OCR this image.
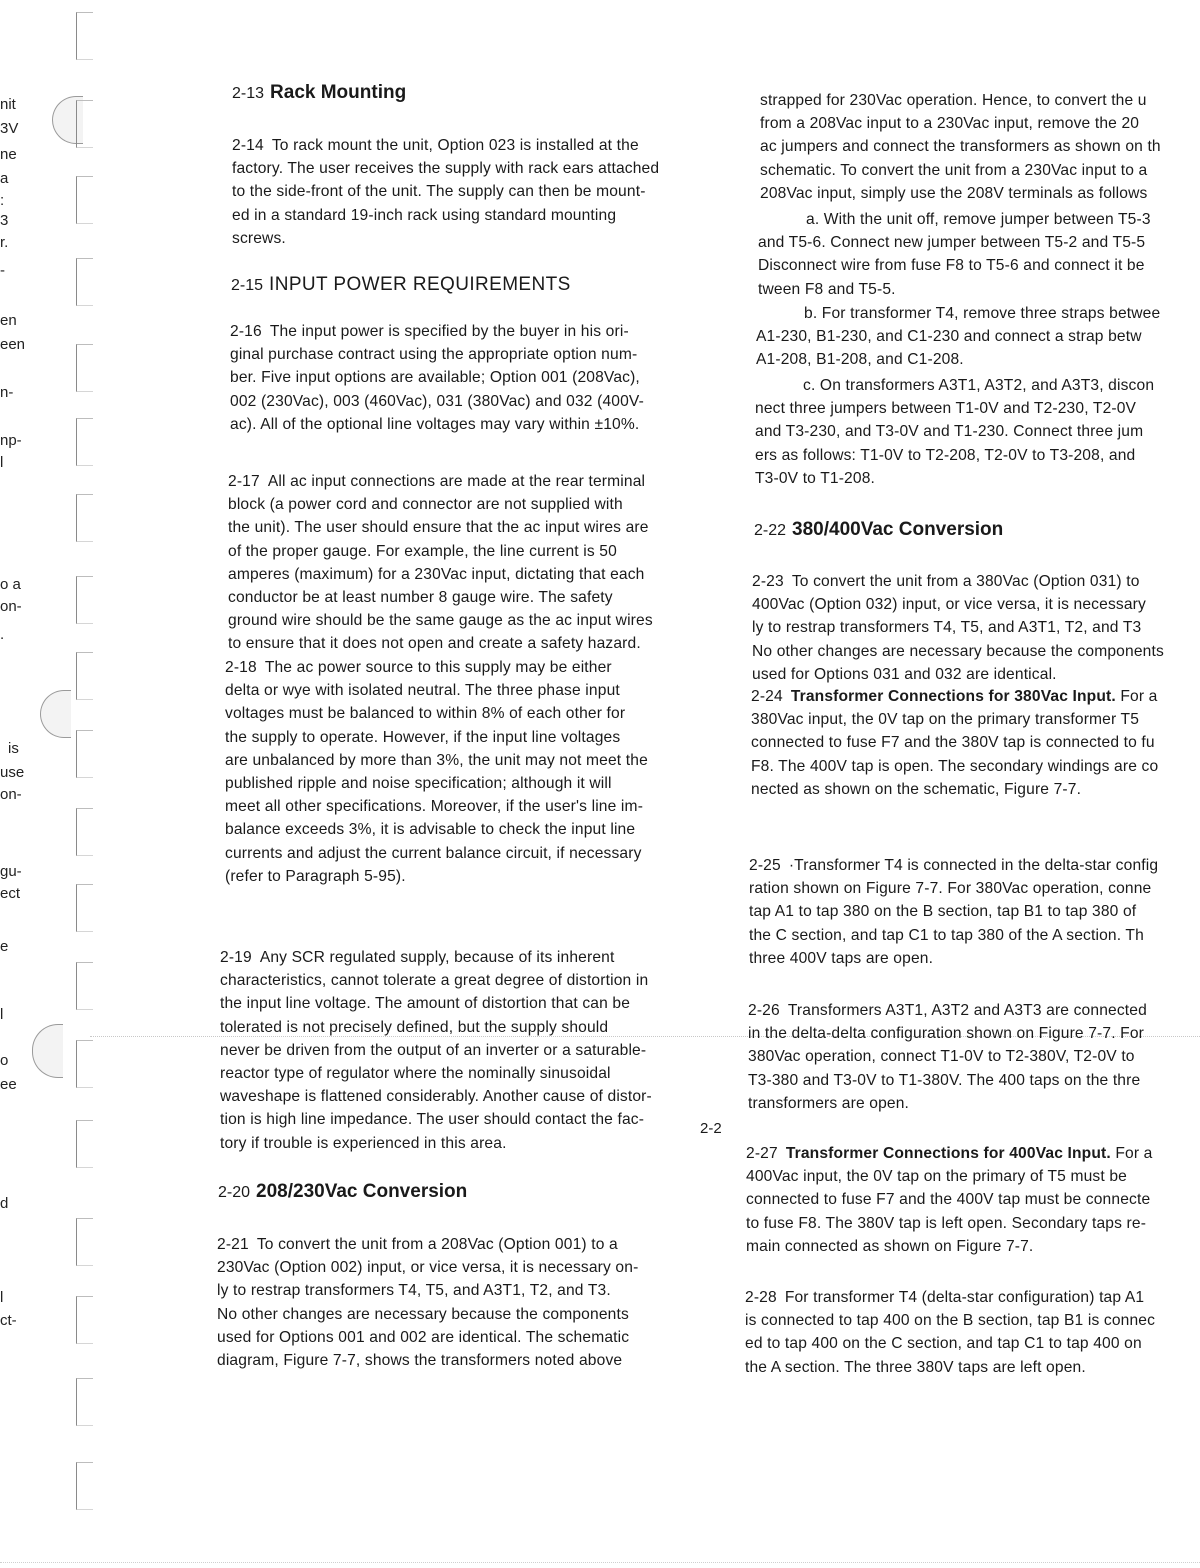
nit
3V
ne
a
:
3
r.
-
en
een
n-
np-
l
o a
on-
.
is
use
on-
gu-
ect
e
l
o
ee
d
l
ct-
2-13 Rack Mounting
2-14 To rack mount the unit, Option 023 is installed at the
factory. The user receives the supply with rack ears attached
to the side-front of the unit. The supply can then be mount-
ed in a standard 19-inch rack using standard mounting
screws.
2-15 INPUT POWER REQUIREMENTS
2-16 The input power is specified by the buyer in his ori-
ginal purchase contract using the appropriate option num-
ber. Five input options are available; Option 001 (208Vac),
002 (230Vac), 003 (460Vac), 031 (380Vac) and 032 (400V-
ac). All of the optional line voltages may vary within ±10%.
2-17 All ac input connections are made at the rear terminal
block (a power cord and connector are not supplied with
the unit). The user should ensure that the ac input wires are
of the proper gauge. For example, the line current is 50
amperes (maximum) for a 230Vac input, dictating that each
conductor be at least number 8 gauge wire. The safety
ground wire should be the same gauge as the ac input wires
to ensure that it does not open and create a safety hazard.
2-18 The ac power source to this supply may be either
delta or wye with isolated neutral. The three phase input
voltages must be balanced to within 8% of each other for
the supply to operate. However, if the input line voltages
are unbalanced by more than 3%, the unit may not meet the
published ripple and noise specification; although it will
meet all other specifications. Moreover, if the user's line im-
balance exceeds 3%, it is advisable to check the input line
currents and adjust the current balance circuit, if necessary
(refer to Paragraph 5-95).
2-19 Any SCR regulated supply, because of its inherent
characteristics, cannot tolerate a great degree of distortion in
the input line voltage. The amount of distortion that can be
tolerated is not precisely defined, but the supply should
never be driven from the output of an inverter or a saturable-
reactor type of regulator where the nominally sinusoidal
waveshape is flattened considerably. Another cause of distor-
tion is high line impedance. The user should contact the fac-
tory if trouble is experienced in this area.
2-20 208/230Vac Conversion
2-21 To convert the unit from a 208Vac (Option 001) to a
230Vac (Option 002) input, or vice versa, it is necessary on-
ly to restrap transformers T4, T5, and A3T1, T2, and T3.
No other changes are necessary because the components
used for Options 001 and 002 are identical. The schematic
diagram, Figure 7-7, shows the transformers noted above
strapped for 230Vac operation. Hence, to convert the u
from a 208Vac input to a 230Vac input, remove the 20
ac jumpers and connect the transformers as shown on th
schematic. To convert the unit from a 230Vac input to a
208Vac input, simply use the 208V terminals as follows
a. With the unit off, remove jumper between T5-3
and T5-6. Connect new jumper between T5-2 and T5-5
Disconnect wire from fuse F8 to T5-6 and connect it be
tween F8 and T5-5.
b. For transformer T4, remove three straps betwee
A1-230, B1-230, and C1-230 and connect a strap betw
A1-208, B1-208, and C1-208.
c. On transformers A3T1, A3T2, and A3T3, discon
nect three jumpers between T1-0V and T2-230, T2-0V
and T3-230, and T3-0V and T1-230. Connect three jum
ers as follows: T1-0V to T2-208, T2-0V to T3-208, and
T3-0V to T1-208.
2-22 380/400Vac Conversion
2-23 To convert the unit from a 380Vac (Option 031) to
400Vac (Option 032) input, or vice versa, it is necessary
ly to restrap transformers T4, T5, and A3T1, T2, and T3
No other changes are necessary because the components
used for Options 031 and 032 are identical.
2-24 Transformer Connections for 380Vac Input. For a
380Vac input, the 0V tap on the primary transformer T5
connected to fuse F7 and the 380V tap is connected to fu
F8. The 400V tap is open. The secondary windings are co
nected as shown on the schematic, Figure 7-7.
2-25 ·Transformer T4 is connected in the delta-star config
ration shown on Figure 7-7. For 380Vac operation, conne
tap A1 to tap 380 on the B section, tap B1 to tap 380 of
the C section, and tap C1 to tap 380 of the A section. Th
three 400V taps are open.
2-26 Transformers A3T1, A3T2 and A3T3 are connected
in the delta-delta configuration shown on Figure 7-7. For
380Vac operation, connect T1-0V to T2-380V, T2-0V to
T3-380 and T3-0V to T1-380V. The 400 taps on the thre
transformers are open.
2-27 Transformer Connections for 400Vac Input. For a
400Vac input, the 0V tap on the primary of T5 must be
connected to fuse F7 and the 400V tap must be connecte
to fuse F8. The 380V tap is left open. Secondary taps re-
main connected as shown on Figure 7-7.
2-28 For transformer T4 (delta-star configuration) tap A1
is connected to tap 400 on the B section, tap B1 is connec
ed to tap 400 on the C section, and tap C1 to tap 400 on
the A section. The three 380V taps are left open.
2-2
